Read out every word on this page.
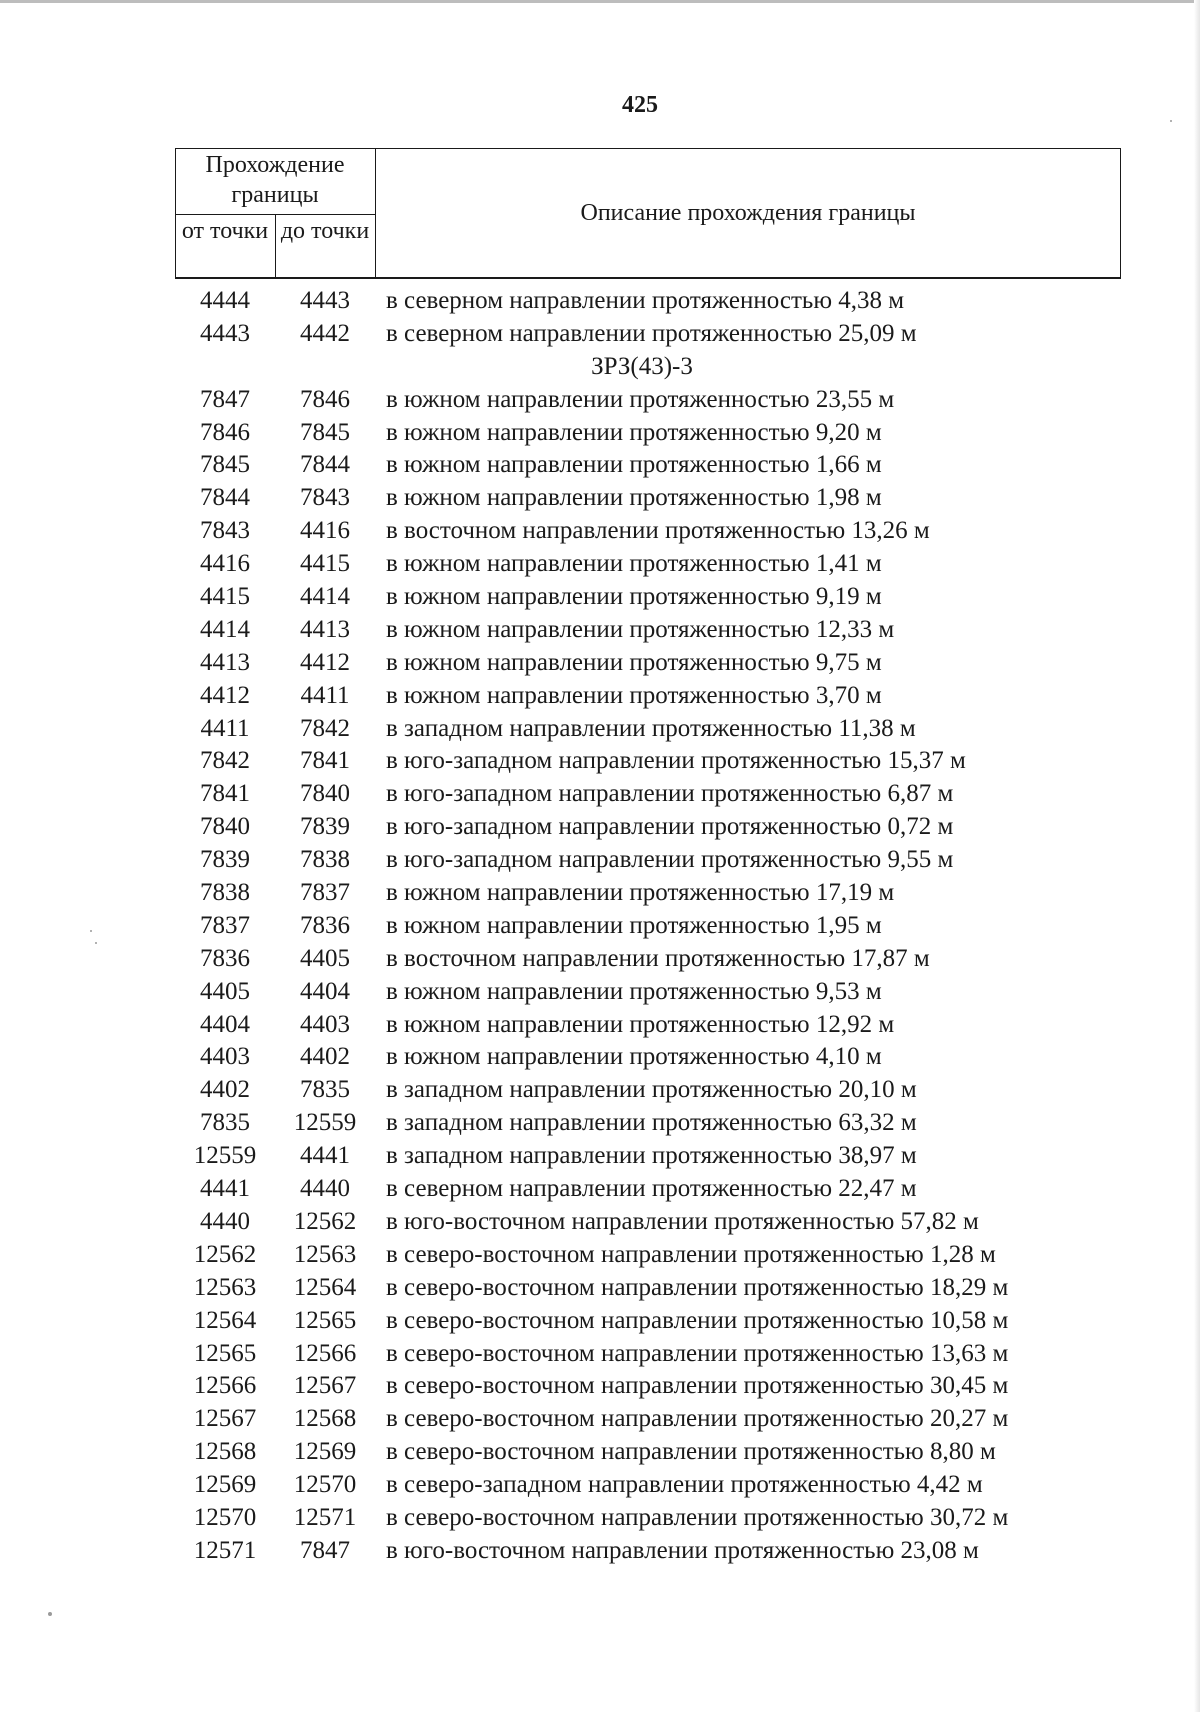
425
Прохождение границы
от точки до точки
Описание прохождения границы
4444	4443	в северном направлении протяженностью 4,38 м
4443	4442	в северном направлении протяженностью 25,09 м
ЗРЗ(43)-3
7847	7846	в южном направлении протяженностью 23,55 м
7846	7845	в южном направлении протяженностью 9,20 м
7845	7844	в южном направлении протяженностью 1,66 м
7844	7843	в южном направлении протяженностью 1,98 м
7843	4416	в восточном направлении протяженностью 13,26 м
4416	4415	в южном направлении протяженностью 1,41 м
4415	4414	в южном направлении протяженностью 9,19 м
4414	4413	в южном направлении протяженностью 12,33 м
4413	4412	в южном направлении протяженностью 9,75 м
4412	4411	в южном направлении протяженностью 3,70 м
4411	7842	в западном направлении протяженностью 11,38 м
7842	7841	в юго-западном направлении протяженностью 15,37 м
7841	7840	в юго-западном направлении протяженностью 6,87 м
7840	7839	в юго-западном направлении протяженностью 0,72 м
7839	7838	в юго-западном направлении протяженностью 9,55 м
7838	7837	в южном направлении протяженностью 17,19 м
7837	7836	в южном направлении протяженностью 1,95 м
7836	4405	в восточном направлении протяженностью 17,87 м
4405	4404	в южном направлении протяженностью 9,53 м
4404	4403	в южном направлении протяженностью 12,92 м
4403	4402	в южном направлении протяженностью 4,10 м
4402	7835	в западном направлении протяженностью 20,10 м
7835	12559	в западном направлении протяженностью 63,32 м
12559	4441	в западном направлении протяженностью 38,97 м
4441	4440	в северном направлении протяженностью 22,47 м
4440	12562	в юго-восточном направлении протяженностью 57,82 м
12562	12563	в северо-восточном направлении протяженностью 1,28 м
12563	12564	в северо-восточном направлении протяженностью 18,29 м
12564	12565	в северо-восточном направлении протяженностью 10,58 м
12565	12566	в северо-восточном направлении протяженностью 13,63 м
12566	12567	в северо-восточном направлении протяженностью 30,45 м
12567	12568	в северо-восточном направлении протяженностью 20,27 м
12568	12569	в северо-восточном направлении протяженностью 8,80 м
12569	12570	в северо-западном направлении протяженностью 4,42 м
12570	12571	в северо-восточном направлении протяженностью 30,72 м
12571	7847	в юго-восточном направлении протяженностью 23,08 м
